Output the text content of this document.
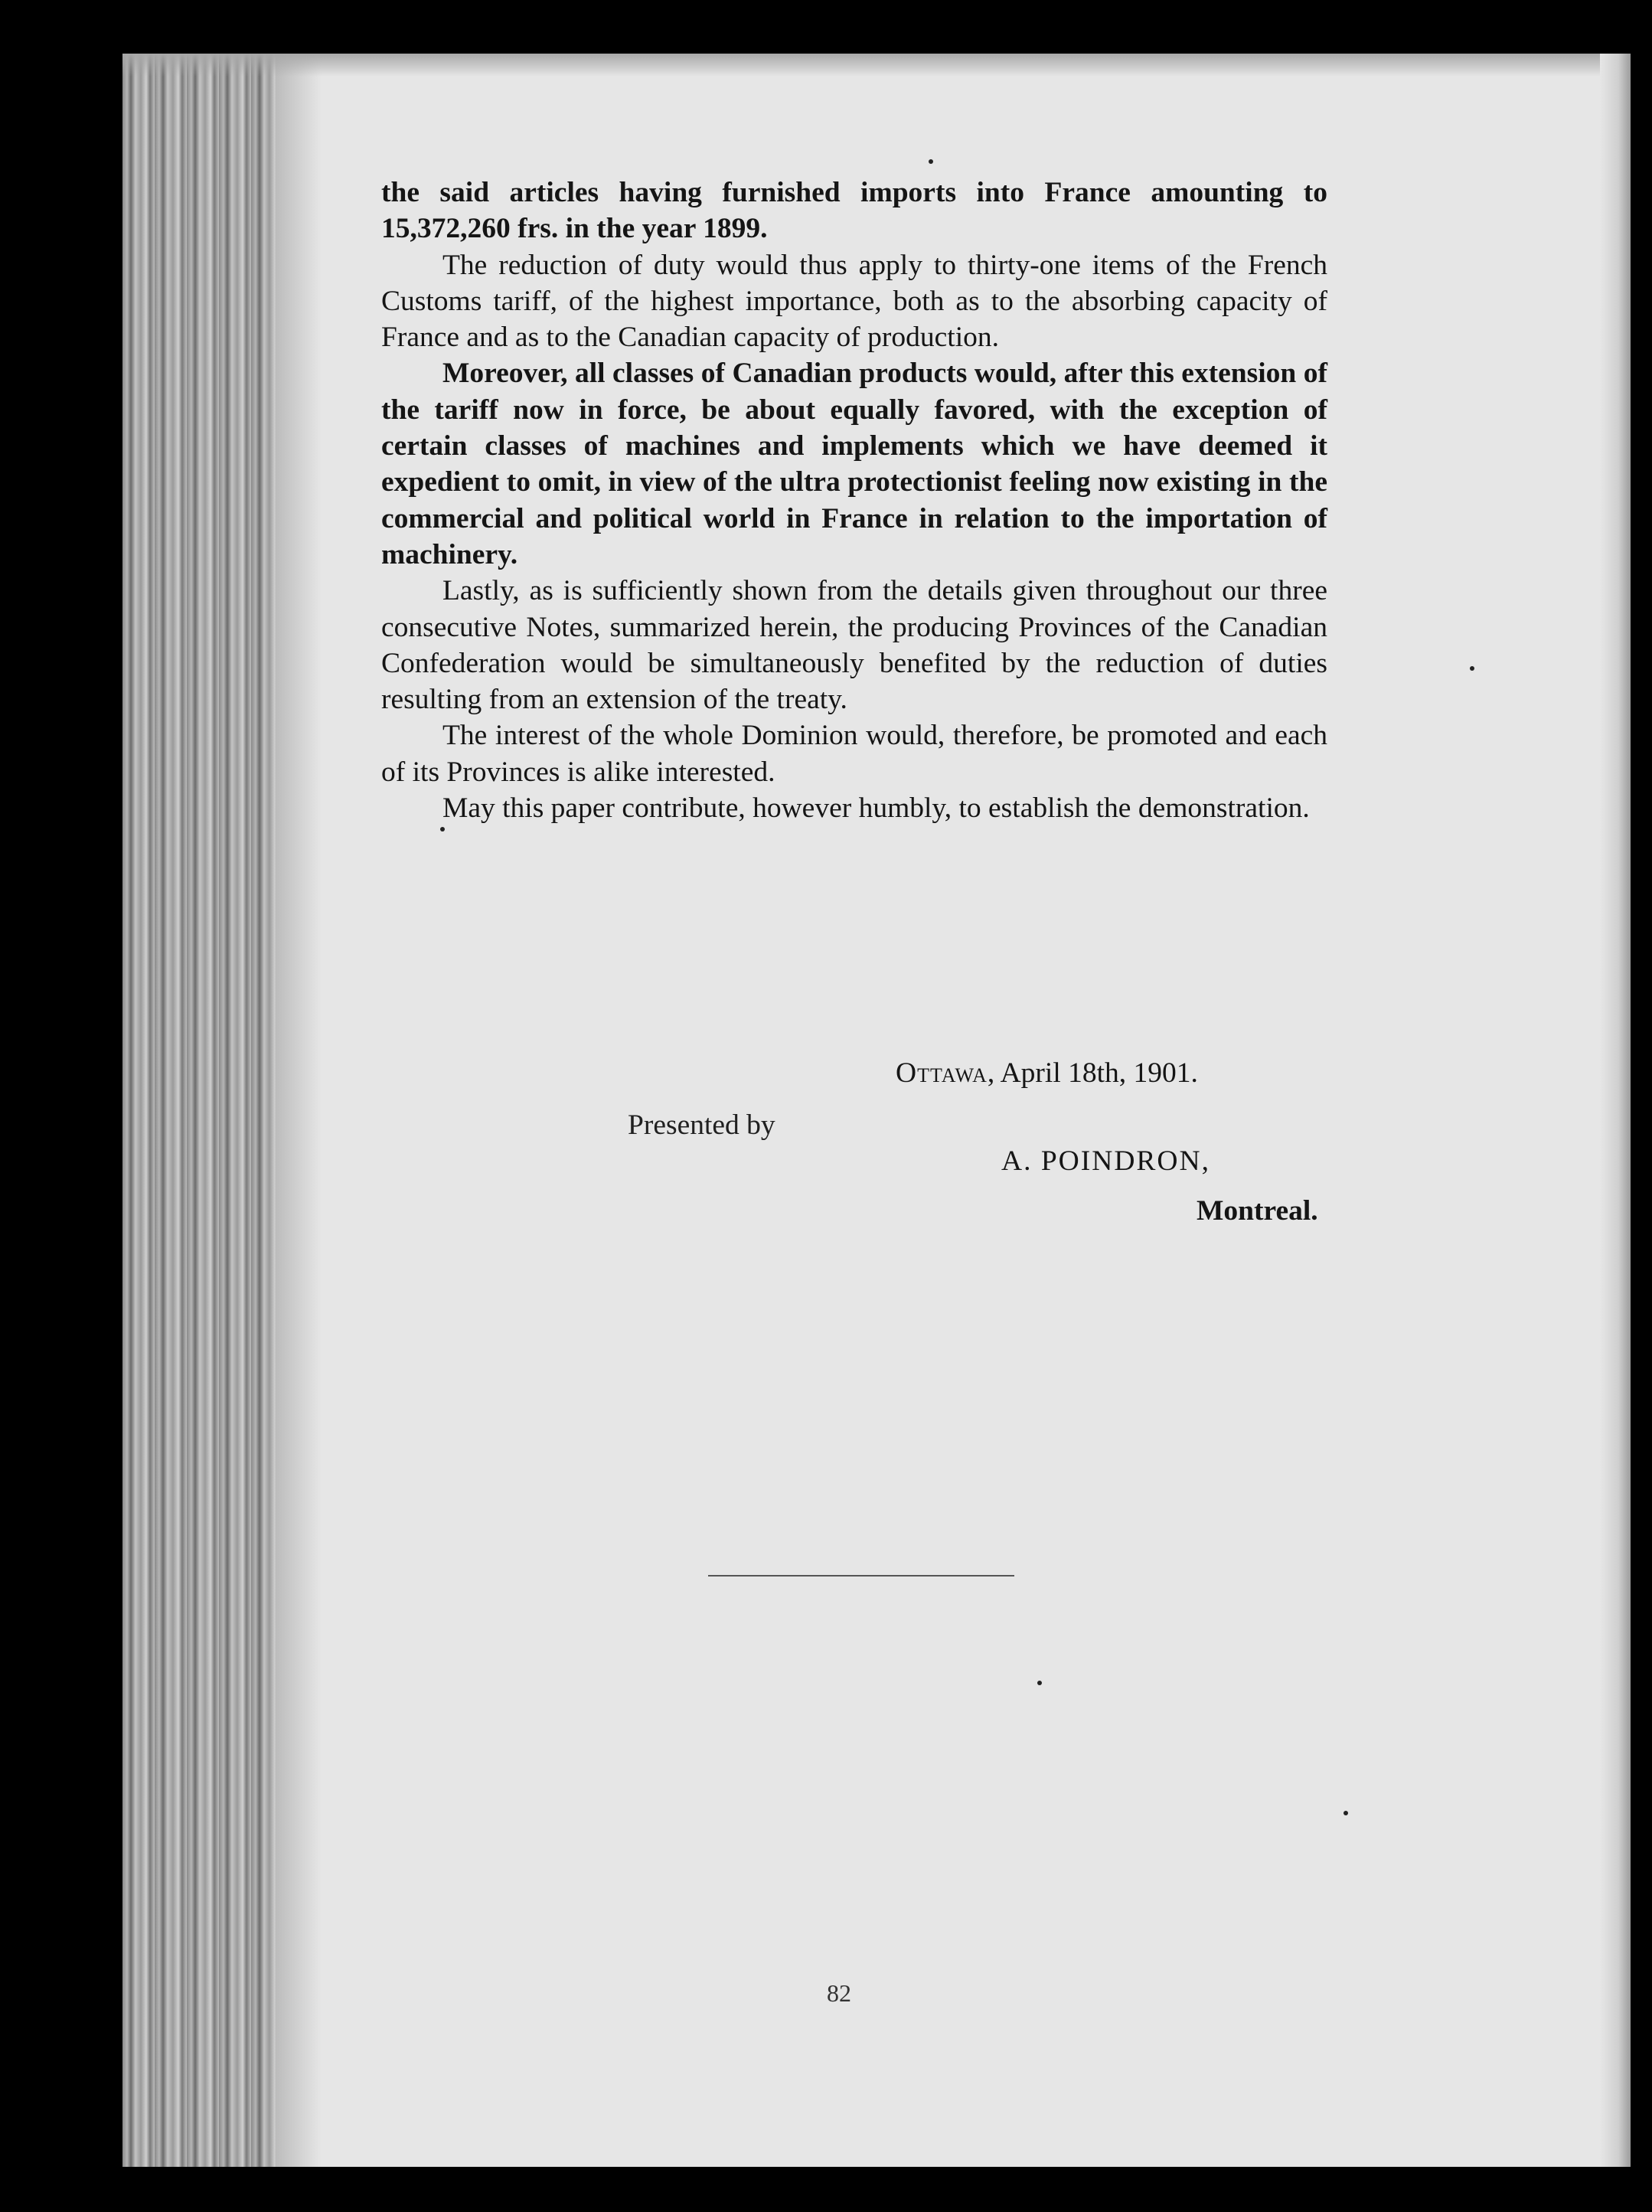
the said articles having furnished imports into France amounting to 15,372,260 frs. in the year 1899.

The reduction of duty would thus apply to thirty-one items of the French Customs tariff, of the highest importance, both as to the absorbing capacity of France and as to the Canadian capacity of production.

Moreover, all classes of Canadian products would, after this extension of the tariff now in force, be about equally favored, with the exception of certain classes of machines and implements which we have deemed it expedient to omit, in view of the ultra protectionist feeling now existing in the commercial and political world in France in relation to the importation of machinery.

Lastly, as is sufficiently shown from the details given throughout our three consecutive Notes, summarized herein, the producing Provinces of the Canadian Confederation would be simultaneously benefited by the reduction of duties resulting from an extension of the treaty.

The interest of the whole Dominion would, therefore, be promoted and each of its Provinces is alike interested.

May this paper contribute, however humbly, to establish the demonstration.

Ottawa, April 18th, 1901.
Presented by
A. POINDRON,
Montreal.
82
